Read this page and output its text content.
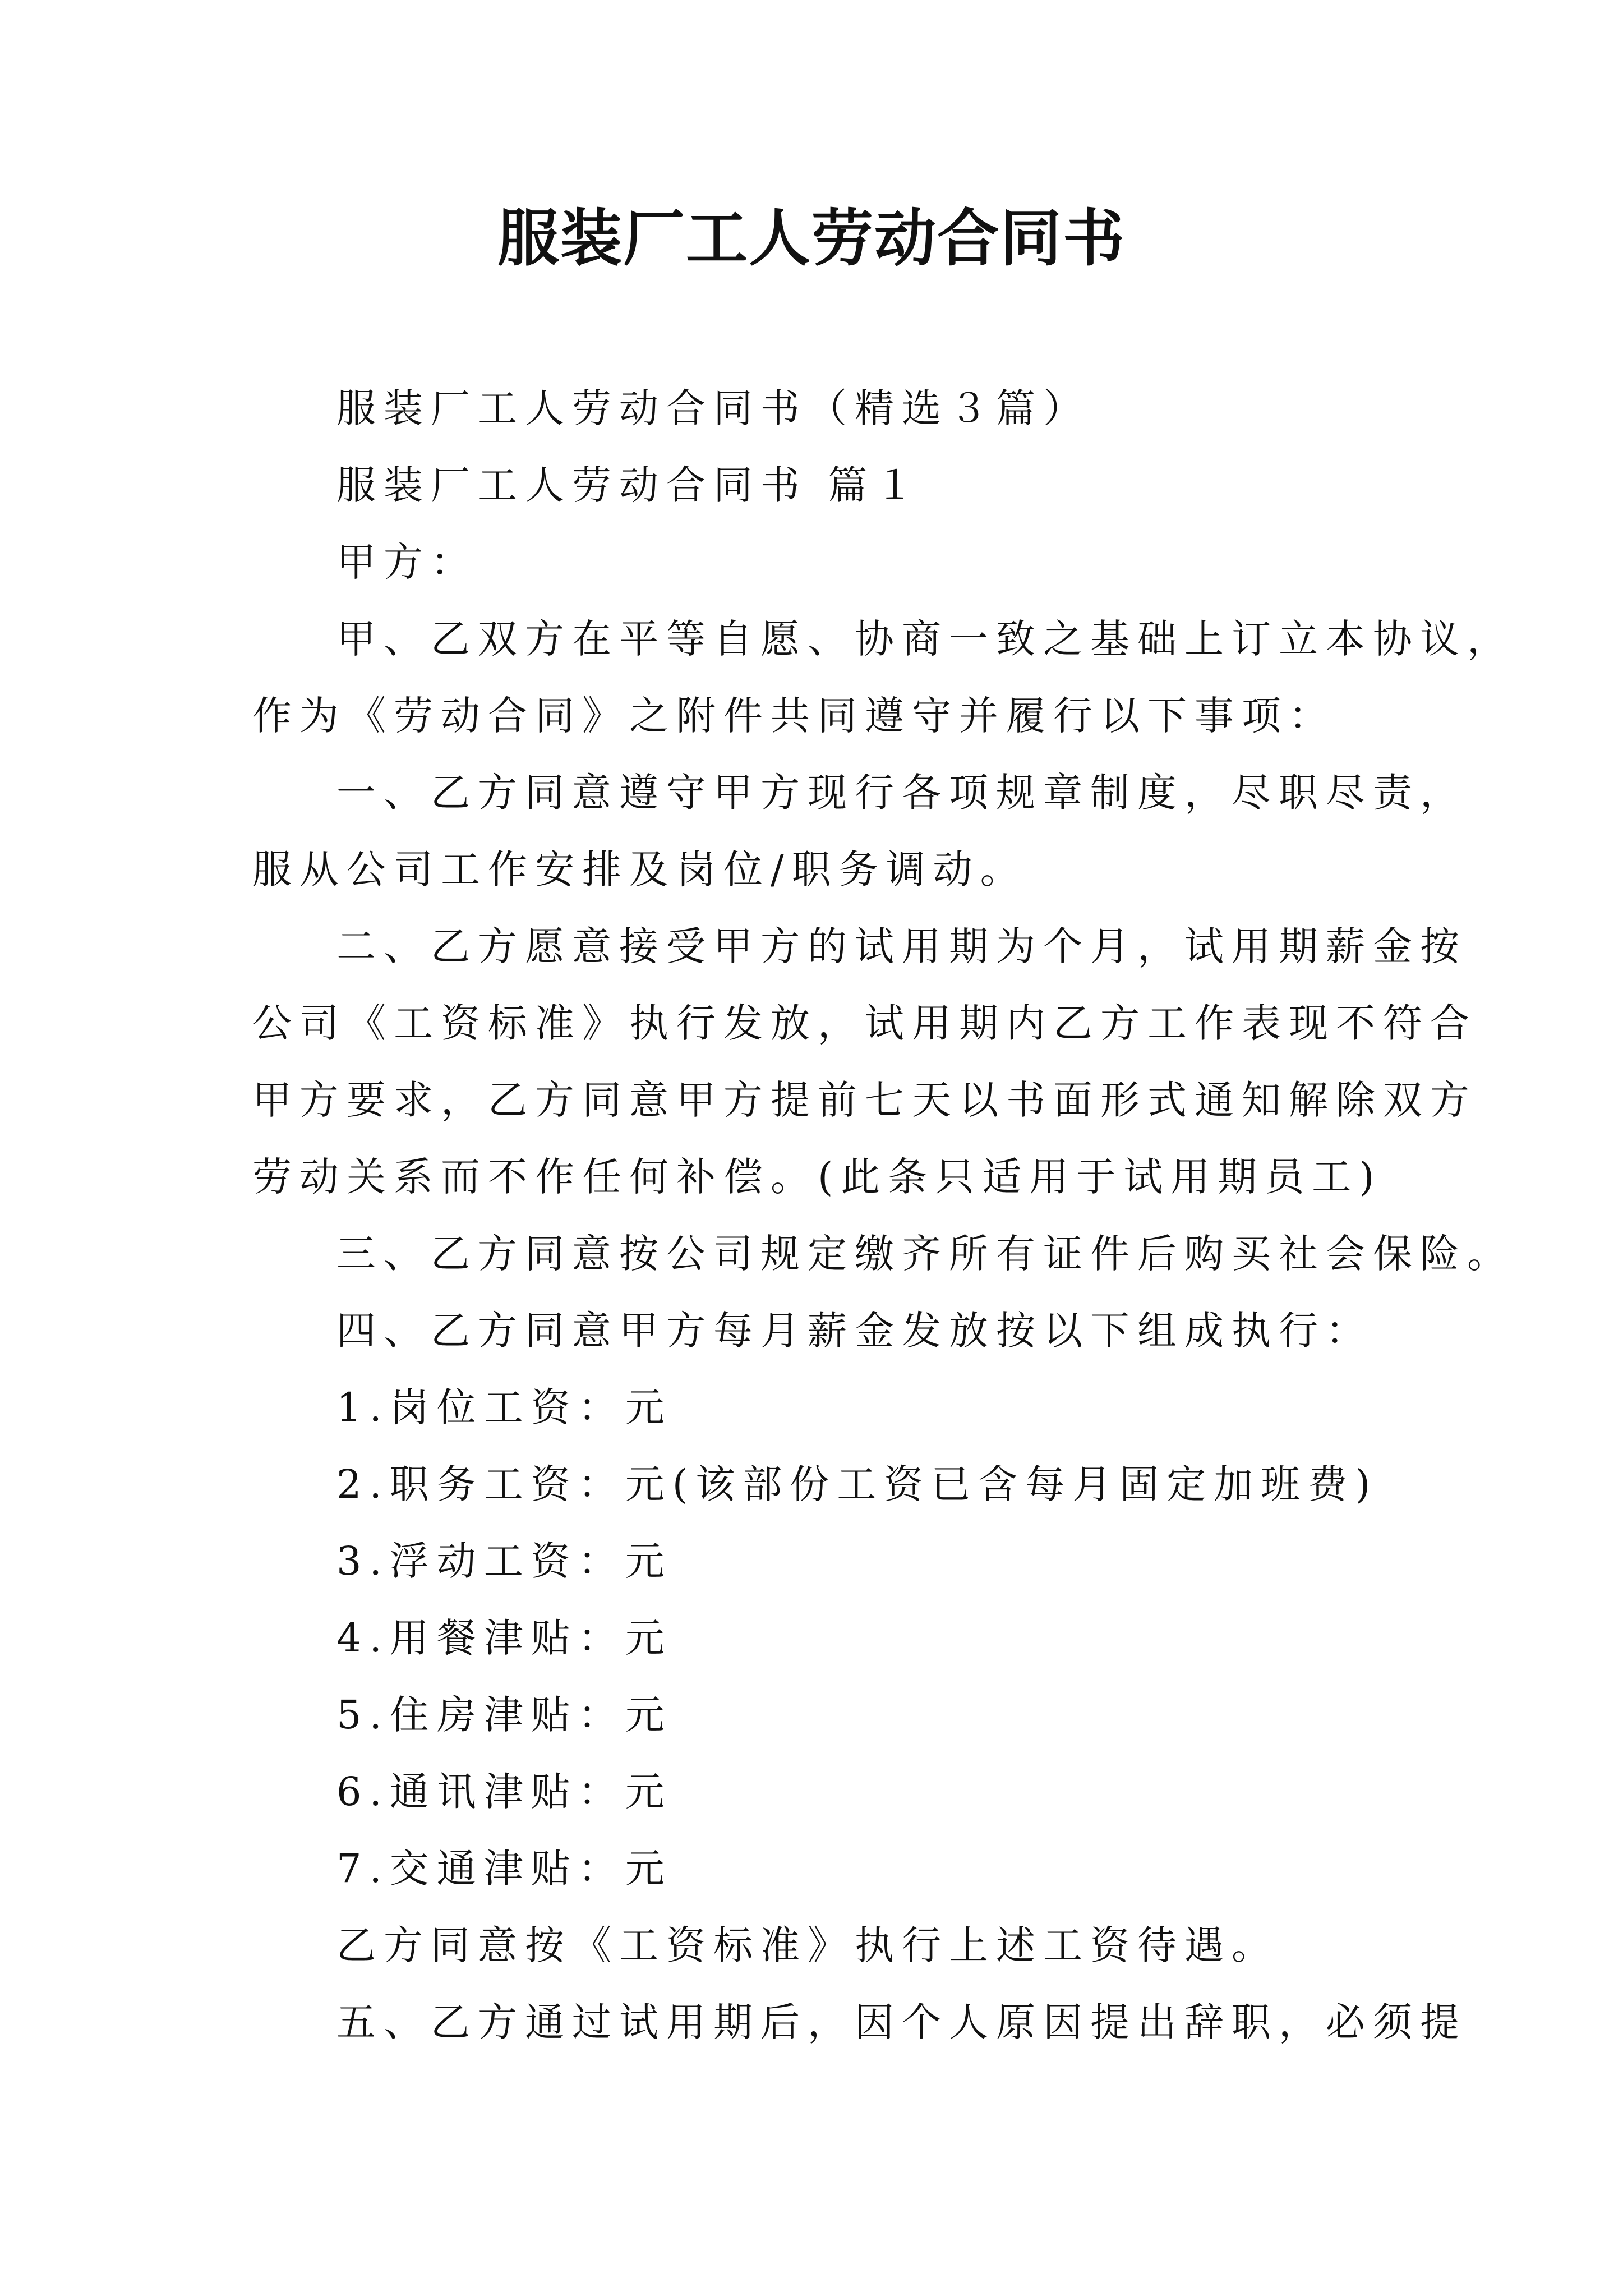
服装厂工人劳动合同书
服装厂工人劳动合同书（精选３篇）
服装厂工人劳动合同书 篇１
甲方：
甲、乙双方在平等自愿、协商一致之基础上订立本协议，
作为《劳动合同》之附件共同遵守并履行以下事项：
一、乙方同意遵守甲方现行各项规章制度，尽职尽责，
服从公司工作安排及岗位/职务调动。
二、乙方愿意接受甲方的试用期为个月，试用期薪金按
公司《工资标准》执行发放，试用期内乙方工作表现不符合
甲方要求，乙方同意甲方提前七天以书面形式通知解除双方
劳动关系而不作任何补偿。(此条只适用于试用期员工)
三、乙方同意按公司规定缴齐所有证件后购买社会保险。
四、乙方同意甲方每月薪金发放按以下组成执行：
1.岗位工资：元
2.职务工资：元(该部份工资已含每月固定加班费)
3.浮动工资：元
4.用餐津贴：元
5.住房津贴：元
6.通讯津贴：元
7.交通津贴：元
乙方同意按《工资标准》执行上述工资待遇。
五、乙方通过试用期后，因个人原因提出辞职，必须提
